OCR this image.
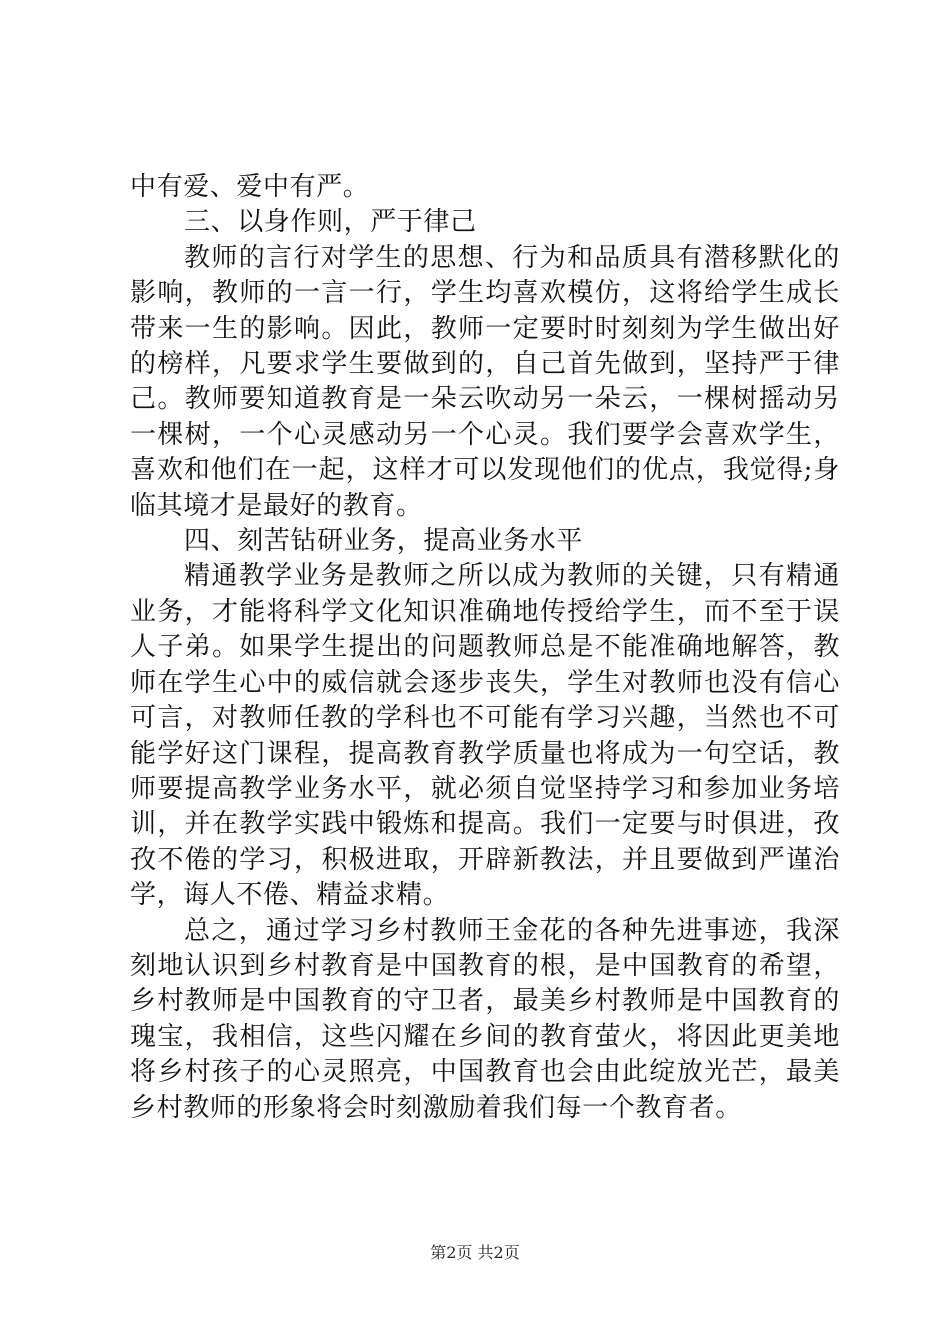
中有爱、爱中有严。

三、以身作则，严于律己

教师的言行对学生的思想、行为和品质具有潜移默化的影响，教师的一言一行，学生均喜欢模仿，这将给学生成长带来一生的影响。因此，教师一定要时时刻刻为学生做出好的榜样，凡要求学生要做到的，自己首先做到，坚持严于律己。教师要知道教育是一朵云吹动另一朵云，一棵树摇动另一棵树，一个心灵感动另一个心灵。我们要学会喜欢学生，喜欢和他们在一起，这样才可以发现他们的优点，我觉得;身临其境才是最好的教育。

四、刻苦钻研业务，提高业务水平

精通教学业务是教师之所以成为教师的关键，只有精通业务，才能将科学文化知识准确地传授给学生，而不至于误人子弟。如果学生提出的问题教师总是不能准确地解答，教师在学生心中的威信就会逐步丧失，学生对教师也没有信心可言，对教师任教的学科也不可能有学习兴趣，当然也不可能学好这门课程，提高教育教学质量也将成为一句空话，教师要提高教学业务水平，就必须自觉坚持学习和参加业务培训，并在教学实践中锻炼和提高。我们一定要与时俱进，孜孜不倦的学习，积极进取，开辟新教法，并且要做到严谨治学，诲人不倦、精益求精。

总之，通过学习乡村教师王金花的各种先进事迹，我深刻地认识到乡村教育是中国教育的根，是中国教育的希望，乡村教师是中国教育的守卫者，最美乡村教师是中国教育的瑰宝，我相信，这些闪耀在乡间的教育萤火，将因此更美地将乡村孩子的心灵照亮，中国教育也会由此绽放光芒，最美乡村教师的形象将会时刻激励着我们每一个教育者。

第2页 共2页
